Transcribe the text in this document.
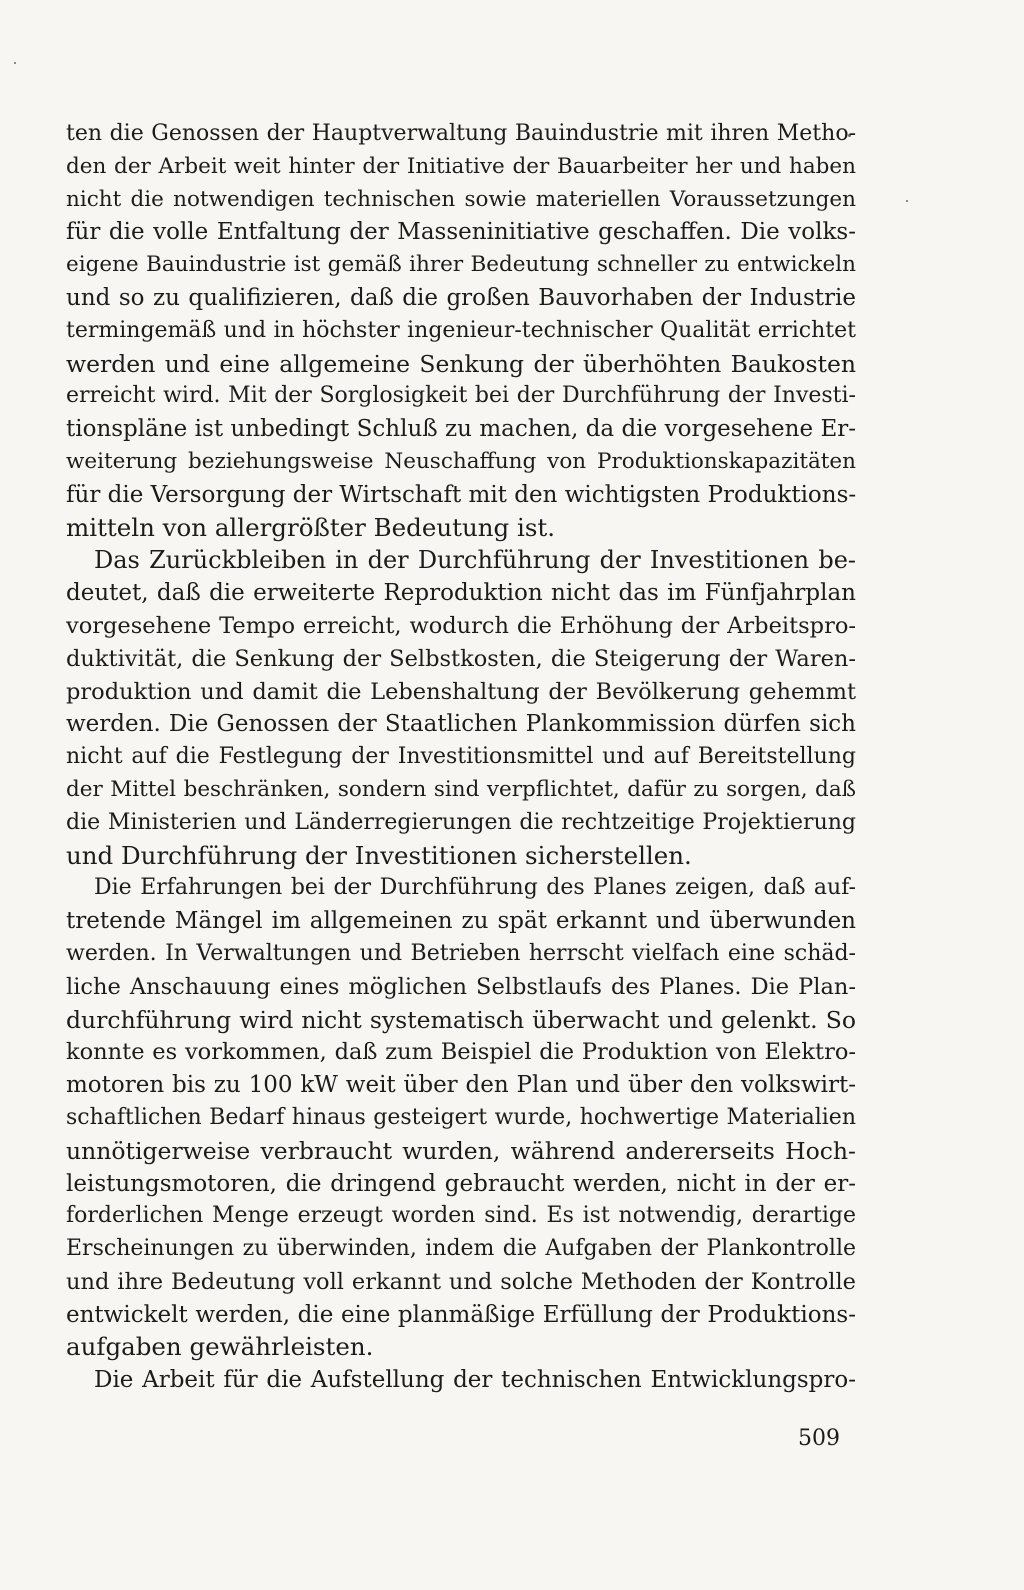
ten die Genossen der Hauptverwaltung Bauindustrie mit ihren Metho-
den der Arbeit weit hinter der Initiative der Bauarbeiter her und haben
nicht die notwendigen technischen sowie materiellen Voraussetzungen
für die volle Entfaltung der Masseninitiative geschaffen. Die volks-
eigene Bauindustrie ist gemäß ihrer Bedeutung schneller zu entwickeln
und so zu qualifizieren, daß die großen Bauvorhaben der Industrie
termingemäß und in höchster ingenieur-technischer Qualität errichtet
werden und eine allgemeine Senkung der überhöhten Baukosten
erreicht wird. Mit der Sorglosigkeit bei der Durchführung der Investi-
tionspläne ist unbedingt Schluß zu machen, da die vorgesehene Er-
weiterung beziehungsweise Neuschaffung von Produktionskapazitäten
für die Versorgung der Wirtschaft mit den wichtigsten Produktions-
mitteln von allergrößter Bedeutung ist.
Das Zurückbleiben in der Durchführung der Investitionen be-
deutet, daß die erweiterte Reproduktion nicht das im Fünfjahrplan
vorgesehene Tempo erreicht, wodurch die Erhöhung der Arbeitspro-
duktivität, die Senkung der Selbstkosten, die Steigerung der Waren-
produktion und damit die Lebenshaltung der Bevölkerung gehemmt
werden. Die Genossen der Staatlichen Plankommission dürfen sich
nicht auf die Festlegung der Investitionsmittel und auf Bereitstellung
der Mittel beschränken, sondern sind verpflichtet, dafür zu sorgen, daß
die Ministerien und Länderregierungen die rechtzeitige Projektierung
und Durchführung der Investitionen sicherstellen.
Die Erfahrungen bei der Durchführung des Planes zeigen, daß auf-
tretende Mängel im allgemeinen zu spät erkannt und überwunden
werden. In Verwaltungen und Betrieben herrscht vielfach eine schäd-
liche Anschauung eines möglichen Selbstlaufs des Planes. Die Plan-
durchführung wird nicht systematisch überwacht und gelenkt. So
konnte es vorkommen, daß zum Beispiel die Produktion von Elektro-
motoren bis zu 100 kW weit über den Plan und über den volkswirt-
schaftlichen Bedarf hinaus gesteigert wurde, hochwertige Materialien
unnötigerweise verbraucht wurden, während andererseits Hoch-
leistungsmotoren, die dringend gebraucht werden, nicht in der er-
forderlichen Menge erzeugt worden sind. Es ist notwendig, derartige
Erscheinungen zu überwinden, indem die Aufgaben der Plankontrolle
und ihre Bedeutung voll erkannt und solche Methoden der Kontrolle
entwickelt werden, die eine planmäßige Erfüllung der Produktions-
aufgaben gewährleisten.
Die Arbeit für die Aufstellung der technischen Entwicklungspro-
509
